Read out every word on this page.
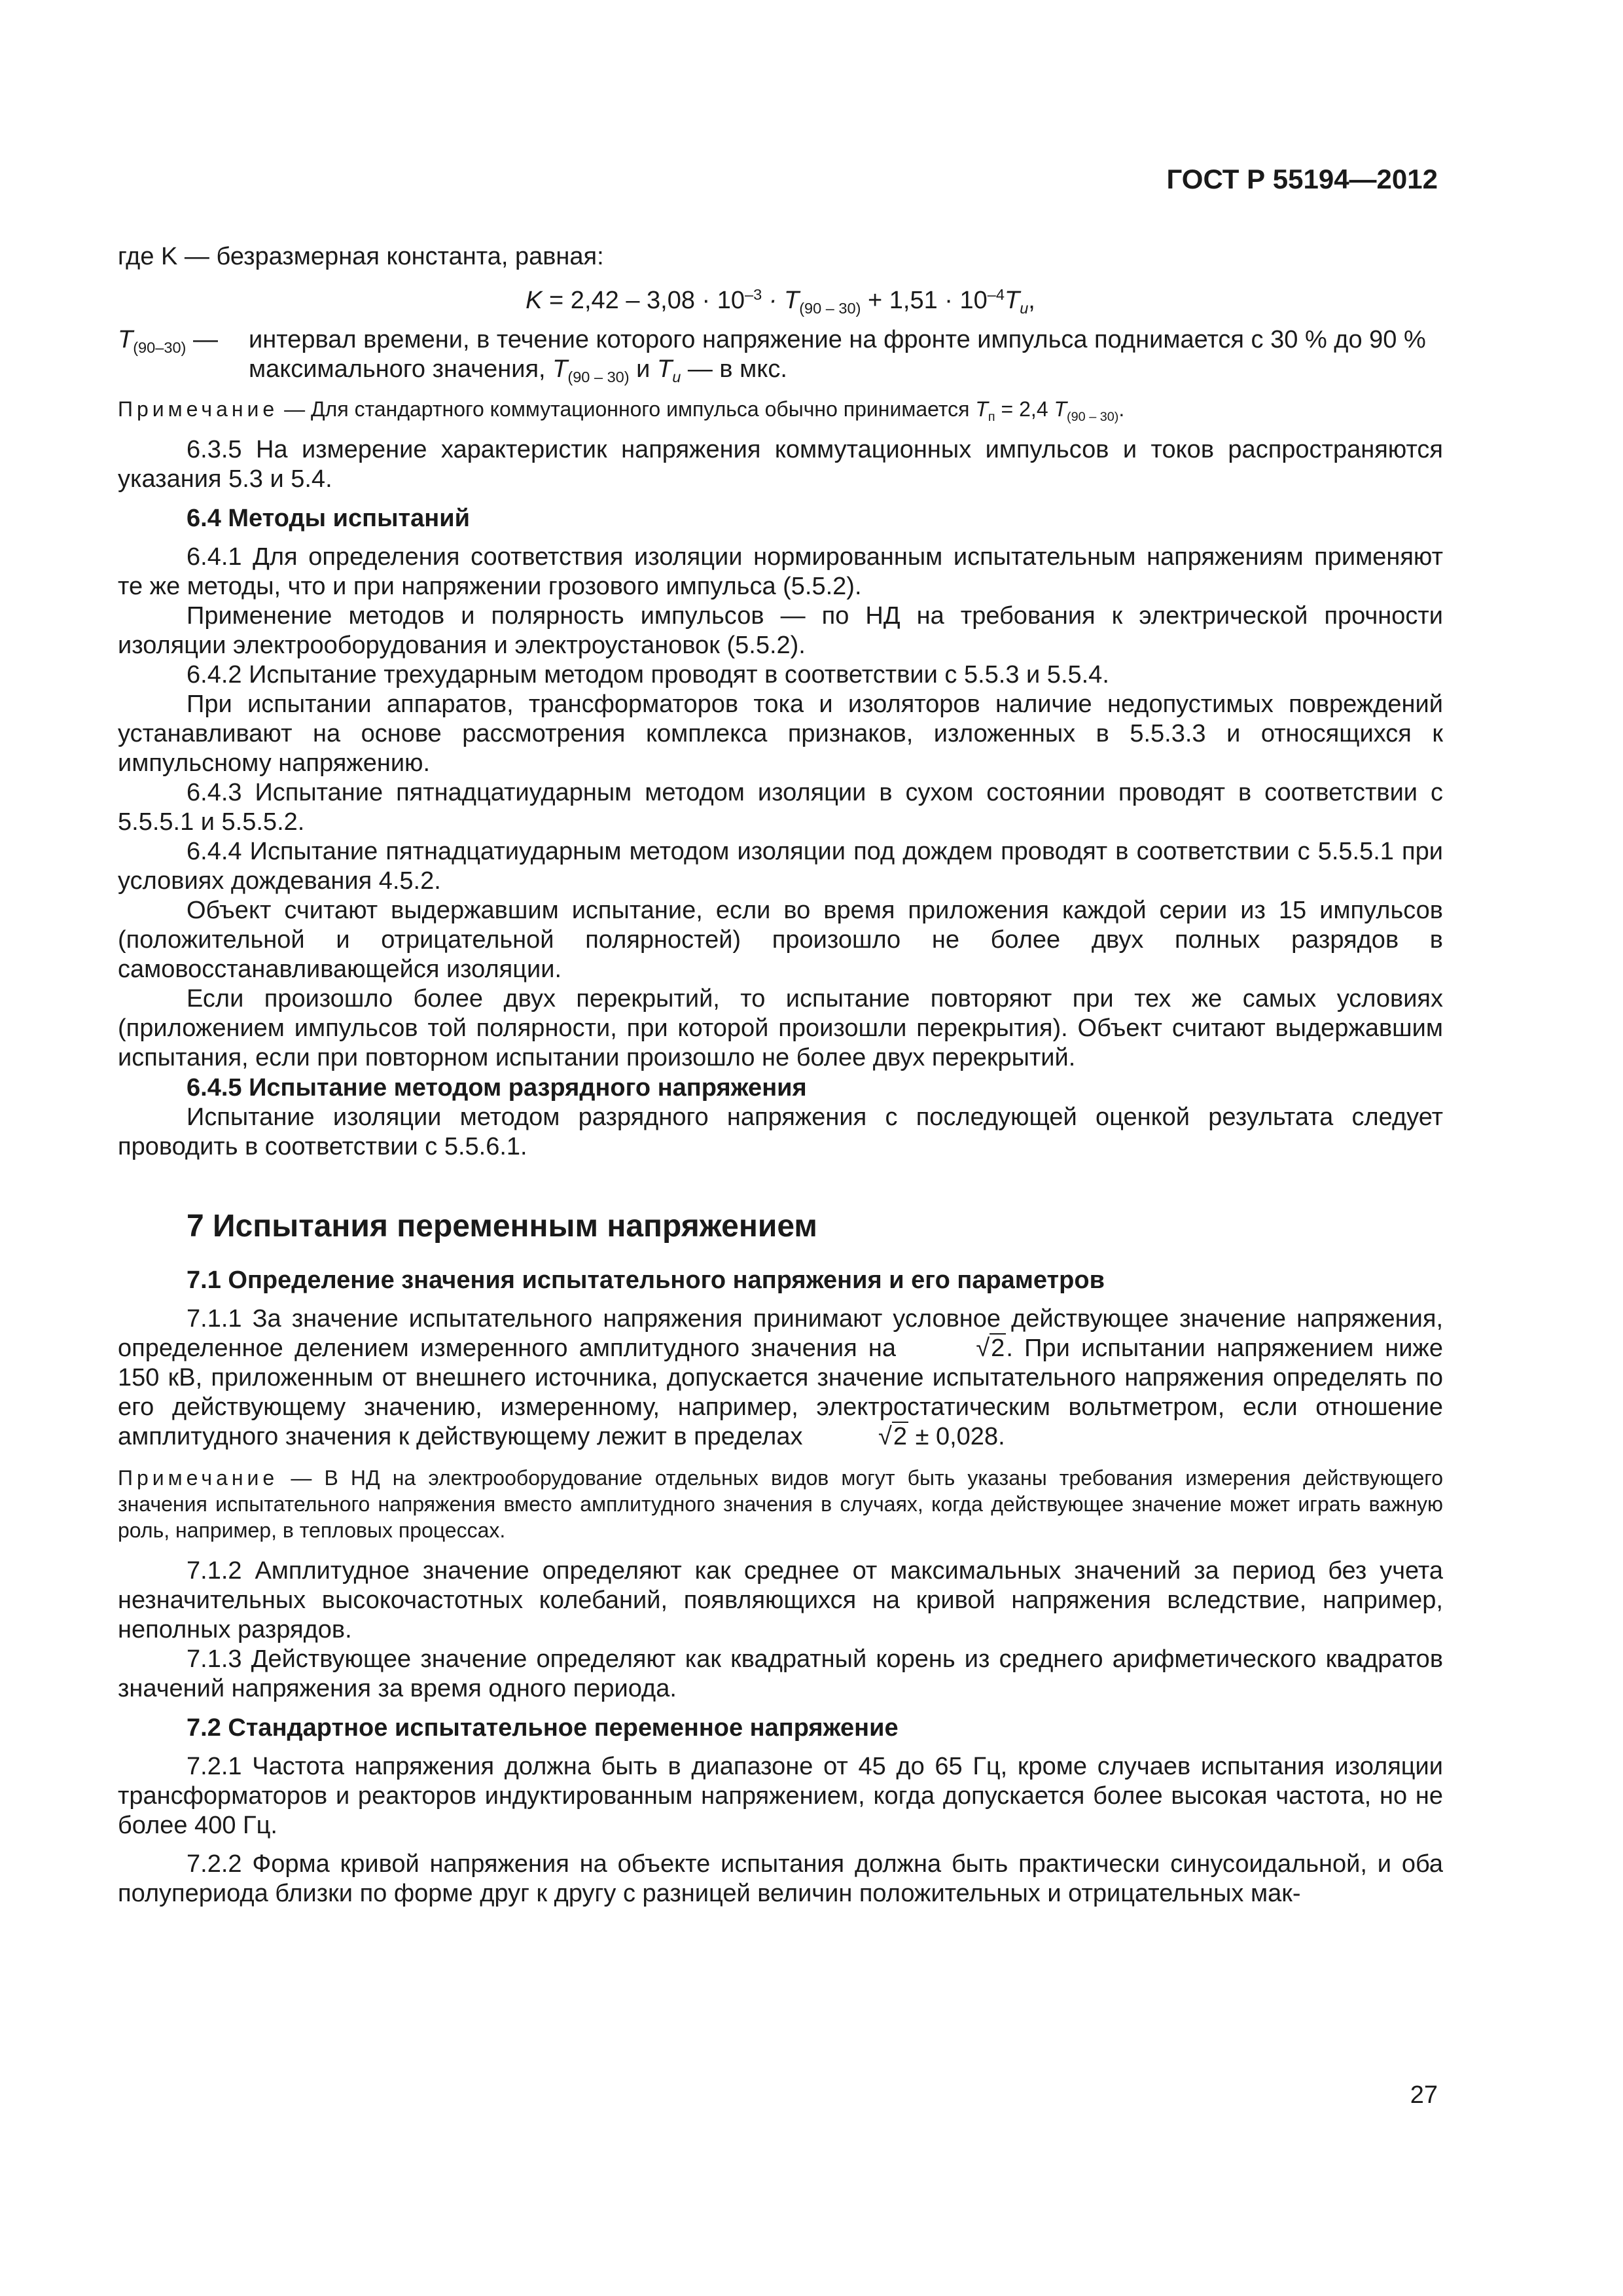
ГОСТ Р 55194—2012

где K — безразмерная константа, равная:

$K = 2,42 - 3,08 \cdot 10^{-3} \cdot T_{(90 - 30)} + 1,51 \cdot 10^{-4}T_u$,
$T_{(90-30)}$ —	интервал времени, в течение которого напряжение на фронте импульса поднимается с 30 % до 90 % максимального значения, $T_{(90 - 30)}$ и $T_u$ — в мкс.

Примечание — Для стандартного коммутационного импульса обычно принимается $T_п = 2,4$ $T_{(90 - 30)}$.

6.3.5 На измерение характеристик напряжения коммутационных импульсов и токов распространяются указания 5.3 и 5.4.

6.4 Методы испытаний

6.4.1 Для определения соответствия изоляции нормированным испытательным напряжениям применяют те же методы, что и при напряжении грозового импульса (5.5.2).

Применение методов и полярность импульсов — по НД на требования к электрической прочности изоляции электрооборудования и электроустановок (5.5.2).

6.4.2 Испытание трехударным методом проводят в соответствии с 5.5.3 и 5.5.4.

При испытании аппаратов, трансформаторов тока и изоляторов наличие недопустимых повреждений устанавливают на основе рассмотрения комплекса признаков, изложенных в 5.5.3.3 и относящихся к импульсному напряжению.

6.4.3 Испытание пятнадцатиударным методом изоляции в сухом состоянии проводят в соответствии с 5.5.5.1 и 5.5.5.2.

6.4.4 Испытание пятнадцатиударным методом изоляции под дождем проводят в соответствии с 5.5.5.1 при условиях дождевания 4.5.2.

Объект считают выдержавшим испытание, если во время приложения каждой серии из 15 импульсов (положительной и отрицательной полярностей) произошло не более двух полных разрядов в самовосстанавливающейся изоляции.

Если произошло более двух перекрытий, то испытание повторяют при тех же самых условиях (приложением импульсов той полярности, при которой произошли перекрытия). Объект считают выдержавшим испытания, если при повторном испытании произошло не более двух перекрытий.

6.4.5 Испытание методом разрядного напряжения

Испытание изоляции методом разрядного напряжения с последующей оценкой результата следует проводить в соответствии с 5.5.6.1.

7 Испытания переменным напряжением
7.1 Определение значения испытательного напряжения и его параметров

7.1.1 За значение испытательного напряжения принимают условное действующее значение напряжения, определенное делением измеренного амплитудного значения на	√2. При испытании напряжением ниже 150 кВ, приложенным от внешнего источника, допускается значение испытательного напряжения определять по его действующему значению, измеренному, например, электростатическим вольтметром, если отношение амплитудного значения к действующему лежит в пределах	√2 ± 0,028.

Примечание — В НД на электрооборудование отдельных видов могут быть указаны требования измерения действующего значения испытательного напряжения вместо амплитудного значения в случаях, когда действующее значение может играть важную роль, например, в тепловых процессах.

7.1.2 Амплитудное значение определяют как среднее от максимальных значений за период без учета незначительных высокочастотных колебаний, появляющихся на кривой напряжения вследствие, например, неполных разрядов.

7.1.3 Действующее значение определяют как квадратный корень из среднего арифметического квадратов значений напряжения за время одного периода.

7.2 Стандартное испытательное переменное напряжение

7.2.1 Частота напряжения должна быть в диапазоне от 45 до 65 Гц, кроме случаев испытания изоляции трансформаторов и реакторов индуктированным напряжением, когда допускается более высокая частота, но не более 400 Гц.

7.2.2 Форма кривой напряжения на объекте испытания должна быть практически синусоидальной, и оба полупериода близки по форме друг к другу с разницей величин положительных и отрицательных мак-

27
